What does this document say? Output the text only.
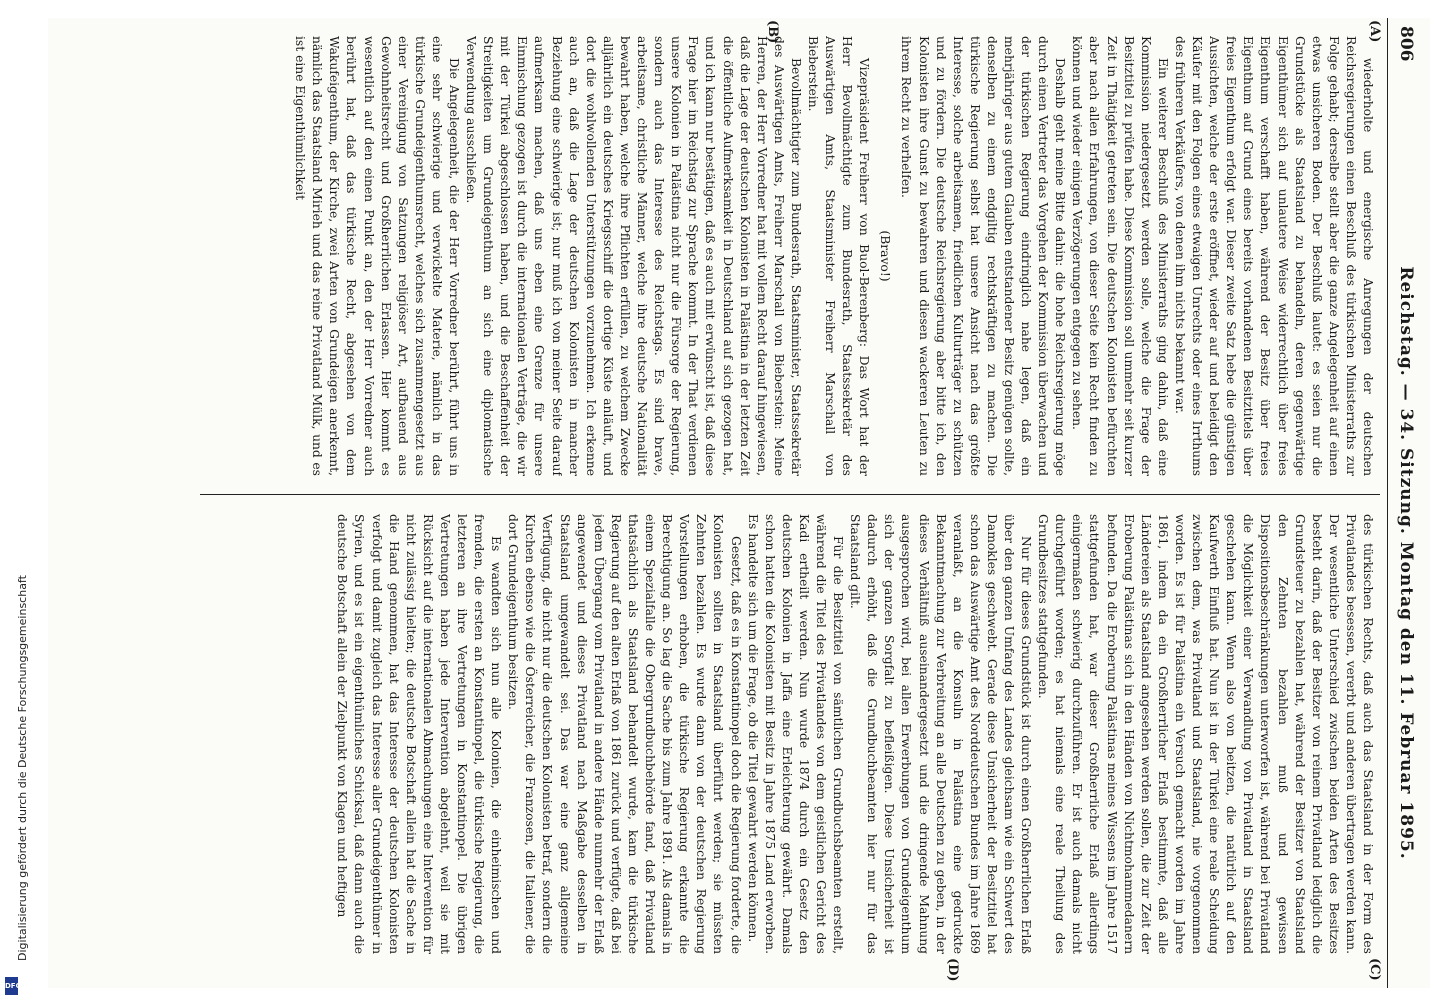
806
Reichstag. — 34. Sitzung. Montag den 11. Februar 1895.
(A)
(B)
(C)
(D)

wiederholte und energische Anregungen der deutschen Reichsregierungen einen Beschluß des türkischen Ministerraths zur Folge gehabt; derselbe stellt aber die ganze Angelegenheit auf einen etwas unsicheren Boden. Der Beschluß lautet: es seien nur die Grundstücke als Staatsland zu behandeln, deren gegenwärtige Eigenthümer sich auf unlautere Weise widerrechtlich über freies Eigenthum verschafft haben, während der Besitz über freies Eigenthum auf Grund eines bereits vorhandenen Besitztitels über freies Eigenthum erfolgt war. Dieser zweite Satz hebe die günstigen Aussichten, welche der erste eröffnet, wieder auf und beleidigt den Käufer mit den Folgen eines etwaigen Unrechts oder eines Irrthums des früheren Verkäufers, von denen ihm nichts bekannt war.

Ein weiterer Beschluß des Ministerraths ging dahin, daß eine Kommission niedergesetzt werden solle, welche die Frage der Besitztitel zu prüfen habe. Diese Kommission soll ummehr seit kurzer Zeit in Thätigkeit getreten sein. Die deutschen Kolonisten befürchten aber nach allen Erfahrungen, von dieser Seite kein Recht finden zu können und wieder einigen Verzögerungen entgegen zu sehen.

Deshalb geht meine Bitte dahin: die hohe Reichsregierung möge durch einen Vertreter das Vorgehen der Kommission überwachen und der türkischen Regierung eindringlich nahe legen, daß ein mehrjähriger aus gutem Glauben entstandener Besitz genügen sollte, denselben zu einem endgiltig rechtskräftigen zu machen. Die türkische Regierung selbst hat unsere Ansicht nach das größte Interesse, solche arbeitsamen, friedlichen Kulturträger zu schützen und zu fördern. Die deutsche Reichsregierung aber bitte ich, den Kolonisten ihre Gunst zu bewahren und diesen wackeren Leuten zu ihrem Recht zu verhelfen.

(Bravo!)

Vizepräsident Freiherr von Buol-Berenberg: Das Wort hat der Herr Bevollmächtigte zum Bundesrath, Staatssekretär des Auswärtigen Amts, Staatsminister Freiherr Marschall von Bieberstein.

Bevollmächtigter zum Bundesrath, Staatsminister, Staatssekretär des Auswärtigen Amts, Freiherr Marschall von Bieberstein: Meine Herren, der Herr Vorredner hat mit vollem Recht darauf hingewiesen, daß die Lage der deutschen Kolonisten in Palästina in der letzten Zeit die öffentliche Aufmerksamkeit in Deutschland auf sich gezogen hat, und ich kann nur bestätigen, daß es auch mit erwünscht ist, daß diese Frage hier im Reichstag zur Sprache kommt. In der That verdienen unsere Kolonien in Palästina nicht nur die Fürsorge der Regierung, sondern auch das Interesse des Reichstags. Es sind brave, arbeitsame, christliche Männer, welche ihre deutsche Nationalität bewahrt haben, welche ihre Pflichten erfüllen, zu welchem Zwecke alljährlich ein deutsches Kriegsschiff die dortige Küste anläuft, und dort die wohlwollenden Unterstützungen vorzunehmen. Ich erkenne auch an, daß die Lage der deutschen Kolonisten in mancher Beziehung eine schwierige ist; nur muß ich von meiner Seite darauf aufmerksam machen, daß uns eben eine Grenze für unsere Einmischung gezogen ist durch die internationalen Verträge, die wir mit der Türkei abgeschlossen haben, und die Beschaffenheit der Streitigkeiten um Grundeigenthum an sich eine diplomatische Verwendung ausschließen.

Die Angelegenheit, die der Herr Vorredner berührt, führt uns in eine sehr schwierige und verwickelte Materie, nämlich in das türkische Grundeigenthumsrecht, welches sich zusammengesetzt aus einer Vereinigung von Satzungen religiöser Art, aufbauend aus Gewohnheitsrecht und Großherrlichen Erlassen. Hier kommt es wesentlich auf den einen Punkt an, den der Herr Vorredner auch berührt hat, daß das türkische Recht, abgesehen von dem Wakufeigenthum, der Kirche, zwei Arten von Grundeigen anerkennt, nämlich das Staatsland Mirieh und das reine Privatland Mülk, und es ist eine Eigenthümlichkeit

des türkischen Rechts, daß auch das Staatsland in der Form des Privatlandes besessen, vererbt und anderen übertragen werden kann. Der wesentliche Unterschied zwischen beiden Arten des Besitzes besteht darin, daß der Besitzer von reinem Privatland lediglich die Grundsteuer zu bezahlen hat, während der Besitzer von Staatsland den Zehnten bezahlen muß und gewissen Dispositionsbeschränkungen unterworfen ist, während bei Privatland die Möglichkeit einer Verwandlung von Privatland in Staatsland geschehen kann. Wenn also von beitzen, die natürlich auf den Kaufwerth Einfluß hat. Nun ist in der Türkei eine reale Scheidung zwischen dem, was Privatland und Staatsland, nie vorgenommen worden. Es ist für Palästina ein Versuch gemacht worden im Jahre 1861, indem da ein Großherrlicher Erlaß bestimmte, daß alle Ländereien als Staatsland angesehen werden sollen, die zur Zeit der Eroberung Palästinas sich in den Händen von Nichtmohammedanern befunden. Da die Eroberung Palästinas meines Wissens im Jahre 1517 stattgefunden hat, war dieser Großherrliche Erlaß allerdings einigermaßen schwierig durchzuführen. Er ist auch damals nicht durchgeführt worden; es hat niemals eine reale Theilung des Grundbesitzes stattgefunden.

Nur für dieses Grundstück ist durch einen Großherrlichen Erlaß über den ganzen Umfang des Landes gleichsam wie ein Schwert des Damokles geschwebt. Gerade diese Unsicherheit der Besitztitel hat schon das Auswärtige Amt des Norddeutschen Bundes im Jahre 1869 veranlaßt, an die Konsuln in Palästina eine gedruckte Bekanntmachung zur Verbreitung an alle Deutschen zu geben, in der dieses Verhältniß auseinandergesetzt und die dringende Mahnung ausgesprochen wird, bei allen Erwerbungen von Grundeigenthum sich der ganzen Sorgfalt zu befleißigen. Diese Unsicherheit ist dadurch erhöht, daß die Grundbuchbeamten hier nur für das Staatsland gilt.

Für die Besitztitel von sämtlichen Grundbuchsbeamten erstellt, während die Titel des Privatlandes von dem geistlichen Gericht des Kadi ertheilt werden. Nun wurde 1874 durch ein Gesetz den deutschen Kolonien in Jaffa eine Erleichterung gewährt. Damals schon hatten die Kolonisten mit Besitz in Jahre 1875 Land erworben. Es handelte sich um die Frage, ob die Titel gewahrt werden können.

Gesetzt, daß es in Konstantinopel doch die Regierung forderte, die Kolonisten sollten in Staatsland überführt werden; sie müssten Zehnten bezahlen. Es wurde dann von der deutschen Regierung Vorstellungen erhoben, die türkische Regierung erkannte die Berechtigung an. So lag die Sache bis zum Jahre 1891. Als damals in einem Spezialfalle die Obergrundbuchbehörde fand, daß Privatland thatsächlich als Staatsland behandelt wurde, kam die türkische Regierung auf den alten Erlaß von 1861 zurück und verfügte, daß bei jedem Übergang vom Privatland in andere Hände nunmehr der Erlaß angewendet und dieses Privatland nach Maßgabe desselben in Staatsland umgewandelt sei. Das war eine ganz allgemeine Verfügung, die nicht nur die deutschen Kolonisten betraf, sondern die Kirchen ebenso wie die Österreicher, die Franzosen, die Italiener, die dort Grundeigenthum besitzen.

Es wandten sich nun alle Kolonien, die einheimischen und fremden, die ersten an Konstantinopel, die türkische Regierung, die letzteren an ihre Vertretungen in Konstantinopel. Die übrigen Vertretungen haben jede Intervention abgelehnt, weil sie mit Rücksicht auf die internationalen Abmachungen eine Intervention für nicht zulässig hielten; die deutsche Botschaft allein hat die Sache in die Hand genommen, hat das Interesse der deutschen Kolonisten verfolgt und damit zugleich das Interesse aller Grundeigenthümer in Syrien, und es ist ein eigenthümliches Schicksal, daß dann auch die deutsche Botschaft allein der Zielpunkt von Klagen und heftigen

Digitalisierung gefördert durch die Deutsche Forschungsgemeinschaft
DFG
